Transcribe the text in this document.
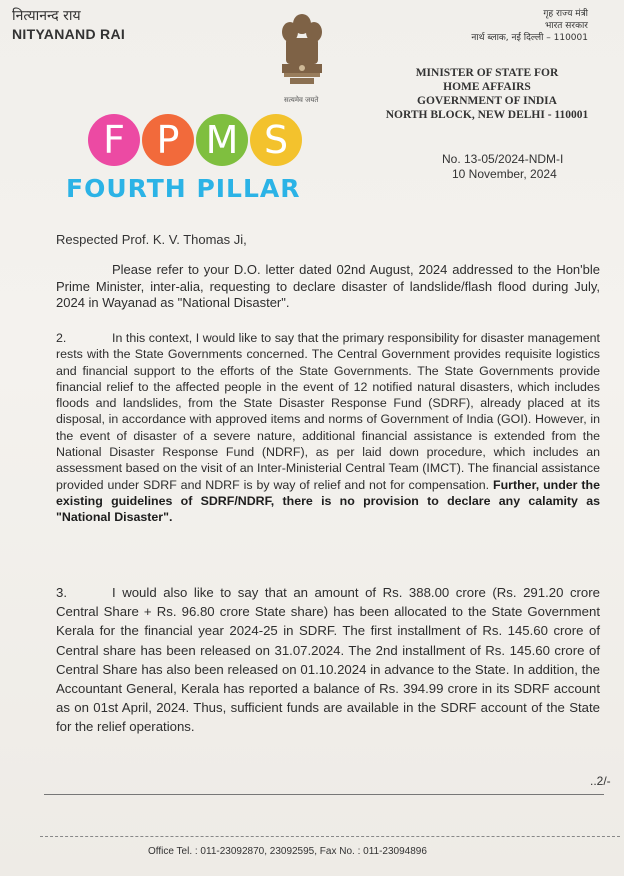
नित्यानन्द राय
NITYANAND RAI
सत्यमेव जयते
गृह राज्य मंत्री
भारत सरकार
नार्थ ब्लाक, नई दिल्ली – 110001
MINISTER OF STATE FOR
HOME AFFAIRS
GOVERNMENT OF INDIA
NORTH BLOCK, NEW DELHI - 110001
F P M S
FOURTH PILLAR
No. 13-05/2024-NDM-I
10 November, 2024
Respected Prof. K. V. Thomas Ji,
Please refer to your D.O. letter dated 02nd August, 2024 addressed to the Hon'ble Prime Minister, inter-alia, requesting to declare disaster of landslide/flash flood during July, 2024 in Wayanad as "National Disaster".
2.	In this context, I would like to say that the primary responsibility for disaster management rests with the State Governments concerned. The Central Government provides requisite logistics and financial support to the efforts of the State Governments. The State Governments provide financial relief to the affected people in the event of 12 notified natural disasters, which includes floods and landslides, from the State Disaster Response Fund (SDRF), already placed at its disposal, in accordance with approved items and norms of Government of India (GOI). However, in the event of disaster of a severe nature, additional financial assistance is extended from the National Disaster Response Fund (NDRF), as per laid down procedure, which includes an assessment based on the visit of an Inter-Ministerial Central Team (IMCT). The financial assistance provided under SDRF and NDRF is by way of relief and not for compensation. Further, under the existing guidelines of SDRF/NDRF, there is no provision to declare any calamity as "National Disaster".
3.	I would also like to say that an amount of Rs. 388.00 crore (Rs. 291.20 crore Central Share + Rs. 96.80 crore State share) has been allocated to the State Government Kerala for the financial year 2024-25 in SDRF. The first installment of Rs. 145.60 crore of Central share has been released on 31.07.2024. The 2nd installment of Rs. 145.60 crore of Central Share has also been released on 01.10.2024 in advance to the State. In addition, the Accountant General, Kerala has reported a balance of Rs. 394.99 crore in its SDRF account as on 01st April, 2024. Thus, sufficient funds are available in the SDRF account of the State for the relief operations.
..2/-
Office Tel. : 011-23092870, 23092595, Fax No. : 011-23094896
